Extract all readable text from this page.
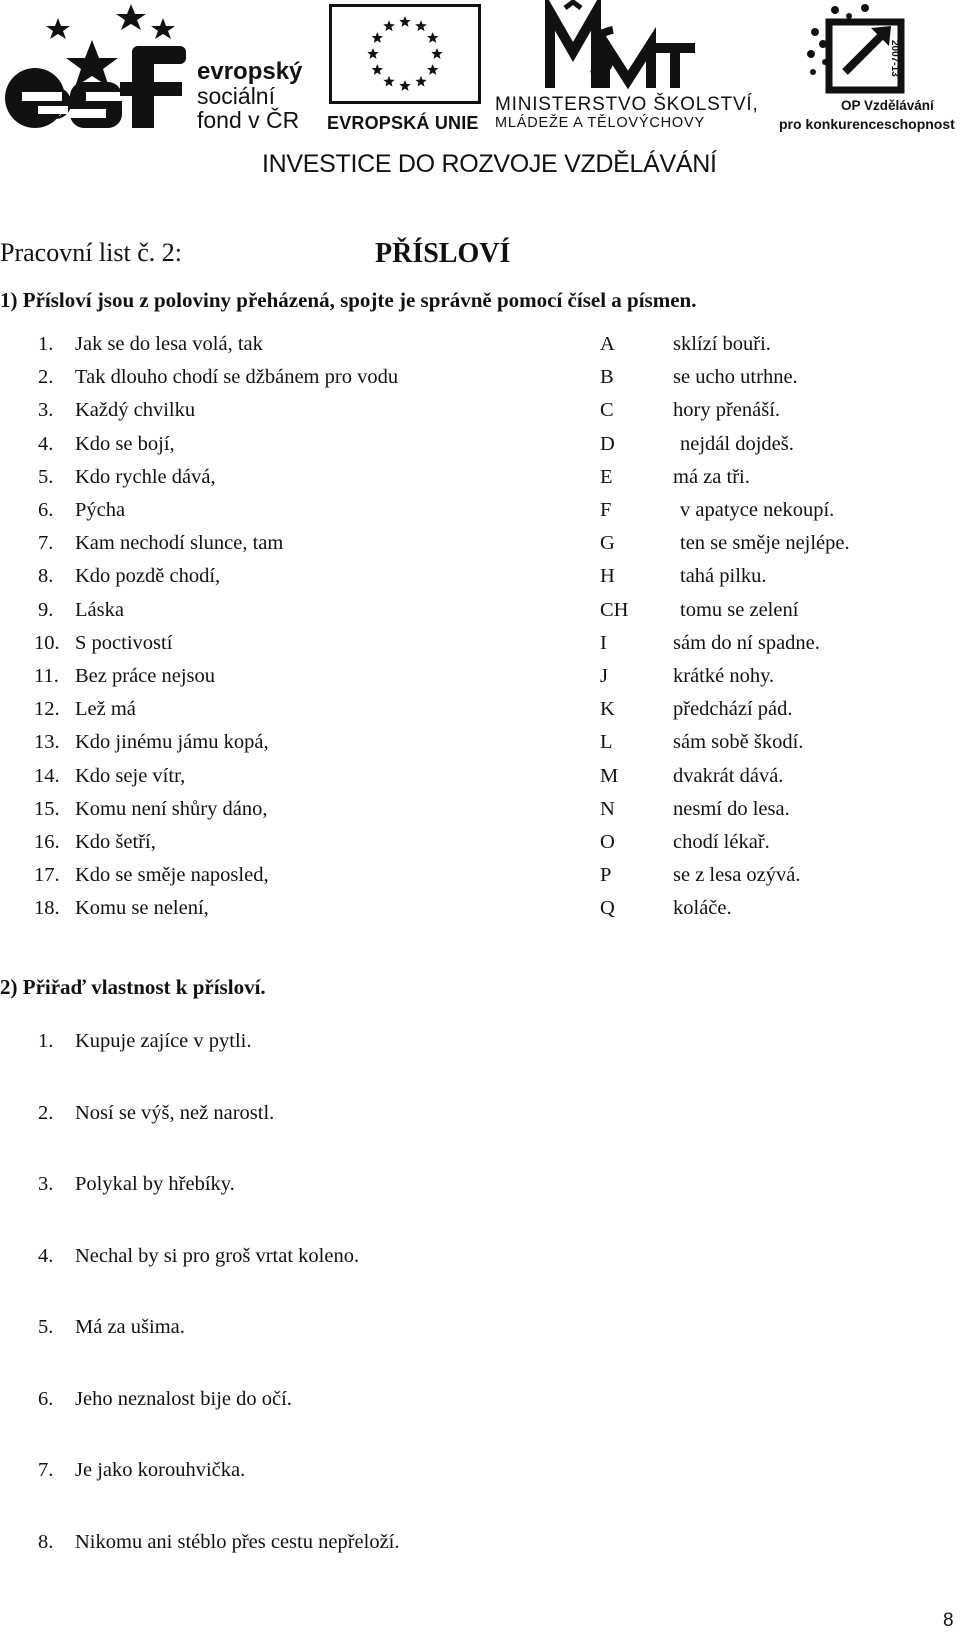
evropský
sociální
fond v ČR EVROPSKÁ UNIE
MINISTERSTVO ŠKOLSTVÍ,
MLÁDEŽE A TĚLOVÝCHOVY
2007-13
OP Vzdělávání
pro konkurenceschopnost
INVESTICE DO ROZVOJE VZDĚLÁVÁNÍ
Pracovní list č. 2:	PŘÍSLOVÍ
1) Přísloví jsou z poloviny přeházená, spojte je správně pomocí čísel a písmen.
1.	Jak se do lesa volá, tak	A	sklízí bouři.
2.	Tak dlouho chodí se džbánem pro vodu	B	se ucho utrhne.
3.	Každý chvilku	C	hory přenáší.
4.	Kdo se bojí,	D	nejdál dojdeš.
5.	Kdo rychle dává,	E	má za tři.
6.	Pýcha	F	v apatyce nekoupí.
7.	Kam nechodí slunce, tam	G	ten se směje nejlépe.
8.	Kdo pozdě chodí,	H	tahá pilku.
9.	Láska	CH	tomu se zelení
10. S poctivostí	I	sám do ní spadne.
11. Bez práce nejsou	J	krátké nohy.
12. Lež má	K	předchází pád.
13. Kdo jinému jámu kopá,	L	sám sobě škodí.
14. Kdo seje vítr,	M	dvakrát dává.
15. Komu není shůry dáno,	N	nesmí do lesa.
16. Kdo šetří,	O	chodí lékař.
17. Kdo se směje naposled,	P	se z lesa ozývá.
18. Komu se nelení,	Q	koláče.
2) Přiřaď vlastnost k přísloví.
1. Kupuje zajíce v pytli.
2. Nosí se výš, než narostl.
3. Polykal by hřebíky.
4. Nechal by si pro groš vrtat koleno.
5. Má za ušima.
6. Jeho neznalost bije do očí.
7. Je jako korouhvička.
8. Nikomu ani stéblo přes cestu nepřeloží.
8
